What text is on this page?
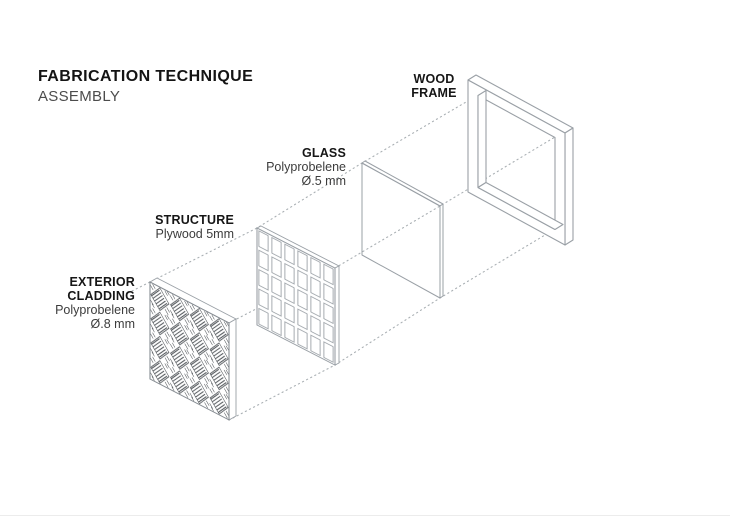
FABRICATION TECHNIQUE
ASSEMBLY
WOOD
FRAME
GLASS
Polyprobelene
Ø.5 mm
STRUCTURE
Plywood 5mm
EXTERIOR
CLADDING
Polyprobelene
Ø.8 mm
